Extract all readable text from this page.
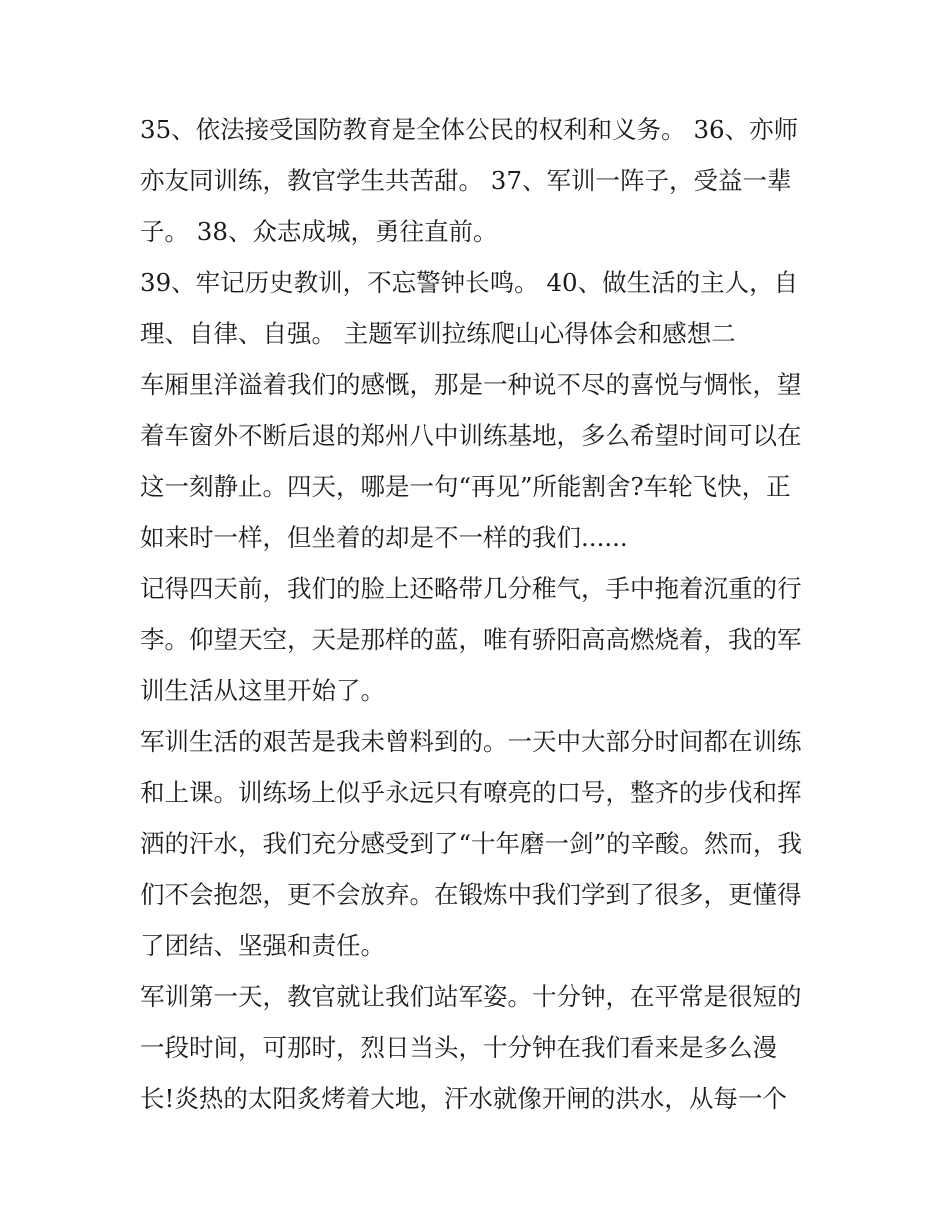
35、依法接受国防教育是全体公民的权利和义务。 36、亦师
亦友同训练，教官学生共苦甜。 37、军训一阵子，受益一辈
子。 38、众志成城，勇往直前。
39、牢记历史教训，不忘警钟长鸣。 40、做生活的主人，自
理、自律、自强。 主题军训拉练爬山心得体会和感想二
车厢里洋溢着我们的感慨，那是一种说不尽的喜悦与惆怅，望
着车窗外不断后退的郑州八中训练基地，多么希望时间可以在
这一刻静止。四天，哪是一句“再见”所能割舍?车轮飞快，正
如来时一样，但坐着的却是不一样的我们......
记得四天前，我们的脸上还略带几分稚气，手中拖着沉重的行
李。仰望天空，天是那样的蓝，唯有骄阳高高燃烧着，我的军
训生活从这里开始了。
军训生活的艰苦是我未曾料到的。一天中大部分时间都在训练
和上课。训练场上似乎永远只有嘹亮的口号，整齐的步伐和挥
洒的汗水，我们充分感受到了“十年磨一剑”的辛酸。然而，我
们不会抱怨，更不会放弃。在锻炼中我们学到了很多，更懂得
了团结、坚强和责任。
军训第一天，教官就让我们站军姿。十分钟，在平常是很短的
一段时间，可那时，烈日当头，十分钟在我们看来是多么漫
长!炎热的太阳炙烤着大地，汗水就像开闸的洪水，从每一个
